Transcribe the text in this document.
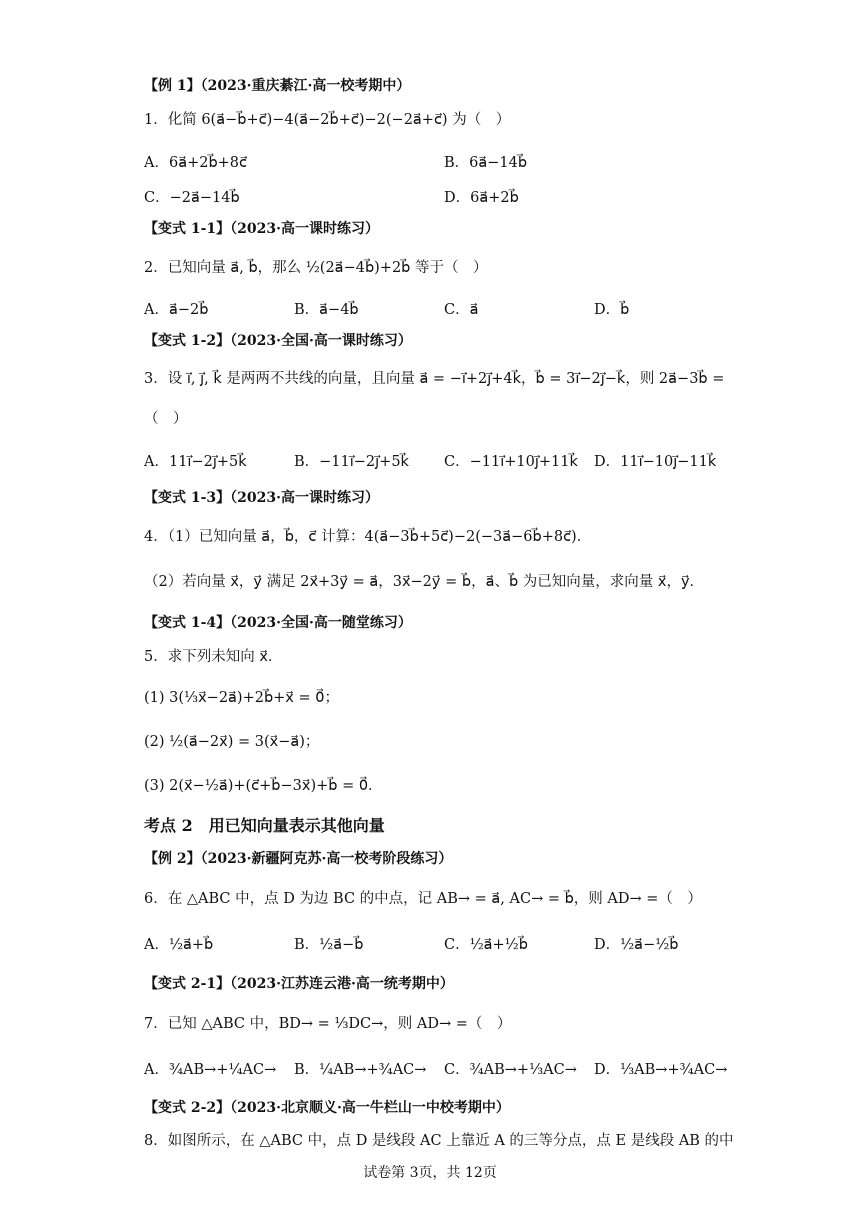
【例 1】（2023·重庆綦江·高一校考期中）
1．化简 6(a⃗−b⃗+c⃗)−4(a⃗−2b⃗+c⃗)−2(−2a⃗+c⃗) 为（　）
A．6a⃗+2b⃗+8c⃗	B．6a⃗−14b⃗
C．−2a⃗−14b⃗	D．6a⃗+2b⃗
【变式 1-1】（2023·高一课时练习）
2．已知向量 a⃗, b⃗，那么 ½(2a⃗−4b⃗)+2b⃗ 等于（　）
A．a⃗−2b⃗	B．a⃗−4b⃗	C．a⃗	D．b⃗
【变式 1-2】（2023·全国·高一课时练习）
3．设 i⃗, j⃗, k⃗ 是两两不共线的向量，且向量 a⃗ = −i⃗+2j⃗+4k⃗，b⃗ = 3i⃗−2j⃗−k⃗，则 2a⃗−3b⃗ =
（　）
A．11i⃗−2j⃗+5k⃗	B．−11i⃗−2j⃗+5k⃗ C．−11i⃗+10j⃗+11k⃗ D．11i⃗−10j⃗−11k⃗
【变式 1-3】（2023·高一课时练习）
4．（1）已知向量 a⃗，b⃗，c⃗ 计算：4(a⃗−3b⃗+5c⃗)−2(−3a⃗−6b⃗+8c⃗)．
（2）若向量 x⃗，y⃗ 满足 2x⃗+3y⃗ = a⃗，3x⃗−2y⃗ = b⃗，a⃗、b⃗ 为已知向量，求向量 x⃗，y⃗．
【变式 1-4】（2023·全国·高一随堂练习）
5．求下列未知向 x⃗．
(1) 3(⅓x⃗−2a⃗)+2b⃗+x⃗ = 0⃗；
(2) ½(a⃗−2x⃗) = 3(x⃗−a⃗)；
(3) 2(x⃗−½a⃗)+(c⃗+b⃗−3x⃗)+b⃗ = 0⃗．
考点 2　用已知向量表示其他向量
【例 2】（2023·新疆阿克苏·高一校考阶段练习）
6．在 △ABC 中，点 D 为边 BC 的中点，记 AB→ = a⃗, AC→ = b⃗，则 AD→ =（　）
A．½a⃗+b⃗	B．½a⃗−b⃗	C．½a⃗+½b⃗	D．½a⃗−½b⃗
【变式 2-1】（2023·江苏连云港·高一统考期中）
7．已知 △ABC 中，BD→ = ⅓DC→，则 AD→ =（　）
A．¾AB→+¼AC→ B．¼AB→+¾AC→ C．¾AB→+⅓AC→ D．⅓AB→+¾AC→
【变式 2-2】（2023·北京顺义·高一牛栏山一中校考期中）
8．如图所示，在 △ABC 中，点 D 是线段 AC 上靠近 A 的三等分点，点 E 是线段 AB 的中
试卷第 3页，共 12页
